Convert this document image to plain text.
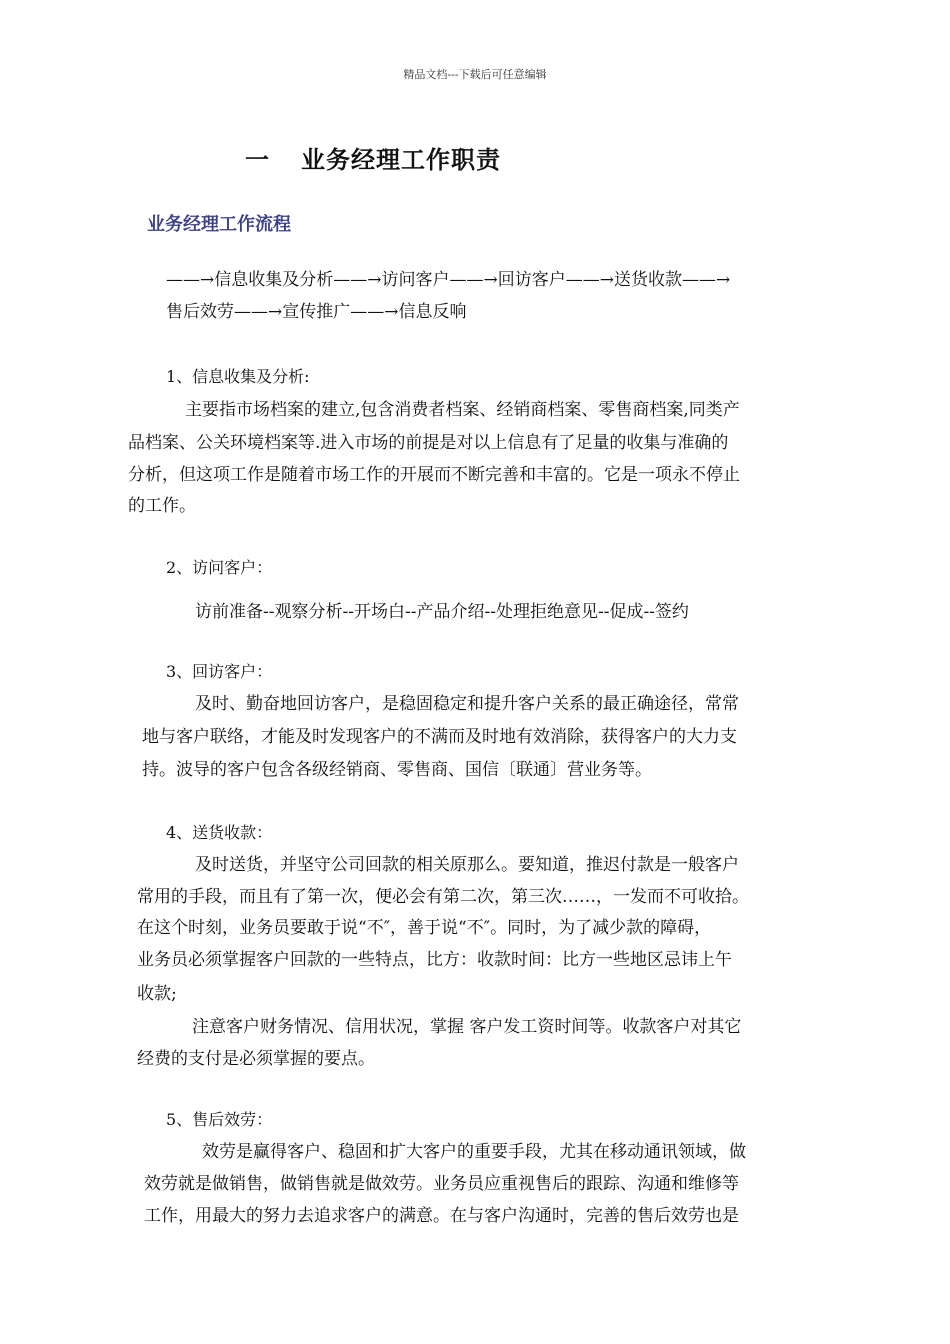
精品文档---下载后可任意编辑
一 业务经理工作职责
业务经理工作流程
——→信息收集及分析——→访问客户——→回访客户——→送货收款——→
售后效劳——→宣传推广——→信息反响
1、信息收集及分析:
主要指市场档案的建立,包含消费者档案、经销商档案、零售商档案,同类产
品档案、公关环境档案等.进入市场的前提是对以上信息有了足量的收集与准确的
分析，但这项工作是随着市场工作的开展而不断完善和丰富的。它是一项永不停止
的工作。
2、访问客户：
访前准备--观察分析--开场白--产品介绍--处理拒绝意见--促成--签约
3、回访客户：
及时、勤奋地回访客户，是稳固稳定和提升客户关系的最正确途径，常常
地与客户联络，才能及时发现客户的不满而及时地有效消除，获得客户的大力支
持。波导的客户包含各级经销商、零售商、国信〔联通〕营业务等。
4、送货收款：
及时送货，并坚守公司回款的相关原那么。要知道，推迟付款是一般客户
常用的手段，而且有了第一次，便必会有第二次，第三次……，一发而不可收拾。
在这个时刻，业务员要敢于说“不″，善于说“不″。同时，为了减少款的障碍，
业务员必须掌握客户回款的一些特点，比方：收款时间：比方一些地区忌讳上午
收款;
注意客户财务情况、信用状况，掌握 客户发工资时间等。收款客户对其它
经费的支付是必须掌握的要点。
5、售后效劳：
效劳是赢得客户、稳固和扩大客户的重要手段，尤其在移动通讯领域，做
效劳就是做销售，做销售就是做效劳。业务员应重视售后的跟踪、沟通和维修等
工作，用最大的努力去追求客户的满意。在与客户沟通时，完善的售后效劳也是
